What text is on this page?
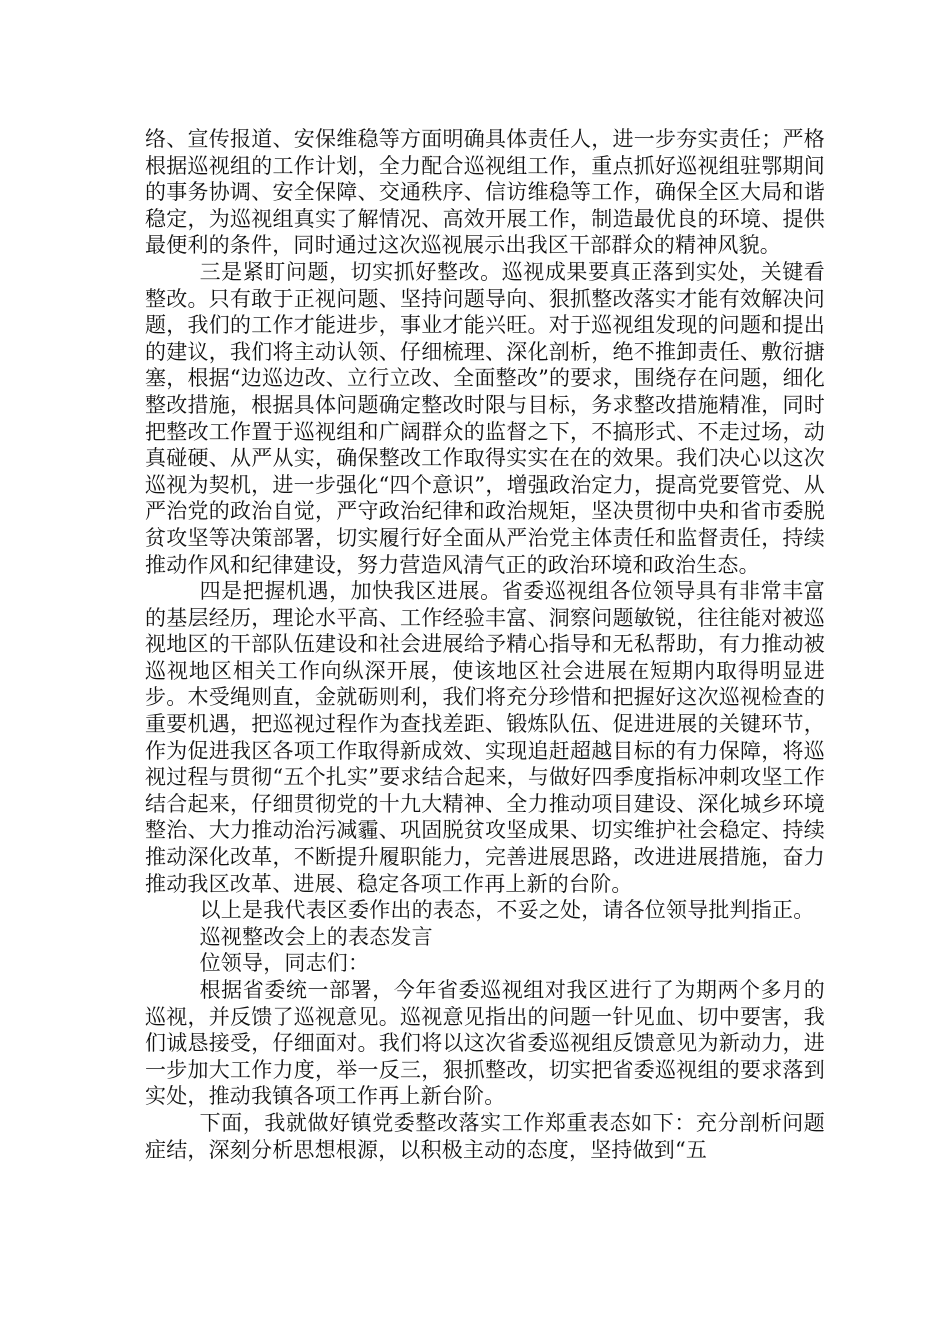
络、宣传报道、安保维稳等方面明确具体责任人，进一步夯实责任；严格根据巡视组的工作计划，全力配合巡视组工作，重点抓好巡视组驻鄂期间的事务协调、安全保障、交通秩序、信访维稳等工作，确保全区大局和谐稳定，为巡视组真实了解情况、高效开展工作，制造最优良的环境、提供最便利的条件，同时通过这次巡视展示出我区干部群众的精神风貌。

三是紧盯问题，切实抓好整改。巡视成果要真正落到实处，关键看整改。只有敢于正视问题、坚持问题导向、狠抓整改落实才能有效解决问题，我们的工作才能进步，事业才能兴旺。对于巡视组发现的问题和提出的建议，我们将主动认领、仔细梳理、深化剖析，绝不推卸责任、敷衍搪塞，根据“边巡边改、立行立改、全面整改”的要求，围绕存在问题，细化整改措施，根据具体问题确定整改时限与目标，务求整改措施精准，同时把整改工作置于巡视组和广阔群众的监督之下，不搞形式、不走过场，动真碰硬、从严从实，确保整改工作取得实实在在的效果。我们决心以这次巡视为契机，进一步强化“四个意识”，增强政治定力，提高党要管党、从严治党的政治自觉，严守政治纪律和政治规矩，坚决贯彻中央和省市委脱贫攻坚等决策部署，切实履行好全面从严治党主体责任和监督责任，持续推动作风和纪律建设，努力营造风清气正的政治环境和政治生态。

四是把握机遇，加快我区进展。省委巡视组各位领导具有非常丰富的基层经历，理论水平高、工作经验丰富、洞察问题敏锐，往往能对被巡视地区的干部队伍建设和社会进展给予精心指导和无私帮助，有力推动被巡视地区相关工作向纵深开展，使该地区社会进展在短期内取得明显进步。木受绳则直，金就砺则利，我们将充分珍惜和把握好这次巡视检查的重要机遇，把巡视过程作为查找差距、锻炼队伍、促进进展的关键环节，作为促进我区各项工作取得新成效、实现追赶超越目标的有力保障，将巡视过程与贯彻“五个扎实”要求结合起来，与做好四季度指标冲刺攻坚工作结合起来，仔细贯彻党的十九大精神、全力推动项目建设、深化城乡环境整治、大力推动治污减霾、巩固脱贫攻坚成果、切实维护社会稳定、持续推动深化改革，不断提升履职能力，完善进展思路，改进进展措施，奋力推动我区改革、进展、稳定各项工作再上新的台阶。

以上是我代表区委作出的表态，不妥之处，请各位领导批判指正。

巡视整改会上的表态发言

位领导，同志们：

根据省委统一部署，今年省委巡视组对我区进行了为期两个多月的巡视，并反馈了巡视意见。巡视意见指出的问题一针见血、切中要害，我们诚恳接受，仔细面对。我们将以这次省委巡视组反馈意见为新动力，进一步加大工作力度，举一反三，狠抓整改，切实把省委巡视组的要求落到实处，推动我镇各项工作再上新台阶。

下面，我就做好镇党委整改落实工作郑重表态如下：充分剖析问题症结，深刻分析思想根源，以积极主动的态度，坚持做到“五
